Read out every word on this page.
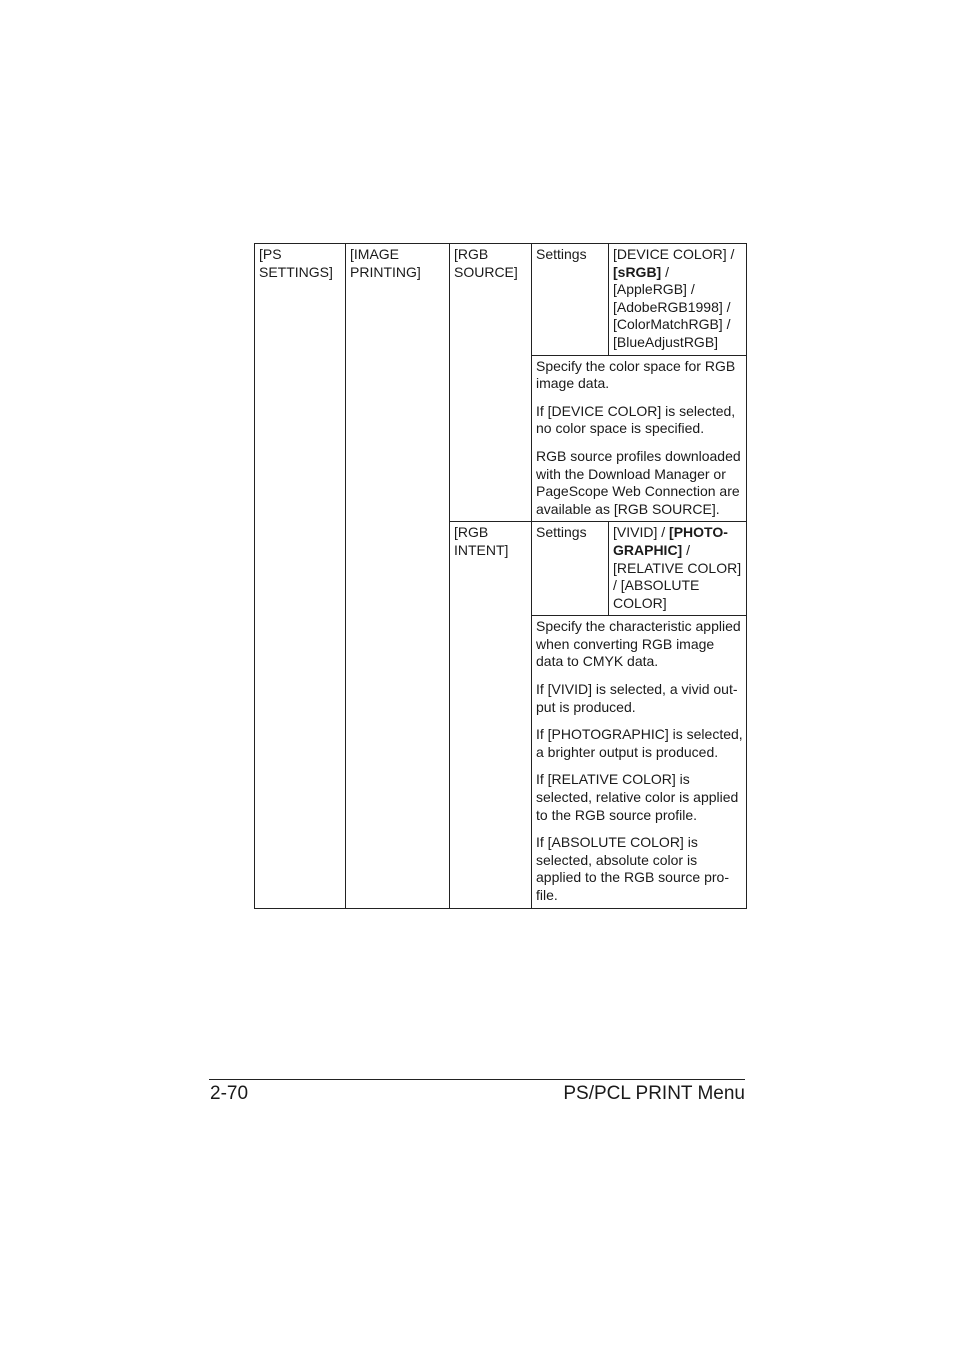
[PS SETTINGS]	[IMAGE PRINTING]	[RGB SOURCE]	Settings	[DEVICE COLOR] / [sRGB] / [AppleRGB] / [AdobeRGB1998] / [ColorMatchRGB] / [BlueAdjustRGB]

			Specify the color space for RGB image data.

If [DEVICE COLOR] is selected, no color space is specified.

RGB source profiles downloaded with the Download Manager or PageScope Web Connection are available as [RGB SOURCE].	

		[RGB INTENT]	Settings	[VIVID] / [PHOTOGRAPHIC] / [RELATIVE COLOR] / [ABSOLUTE COLOR]

			Specify the characteristic applied when converting RGB image data to CMYK data.

If [VIVID] is selected, a vivid output is produced.

If [PHOTOGRAPHIC] is selected, a brighter output is produced.

If [RELATIVE COLOR] is selected, relative color is applied to the RGB source profile.

If [ABSOLUTE COLOR] is selected, absolute color is applied to the RGB source profile.	

2-70	PS/PCL PRINT Menu
